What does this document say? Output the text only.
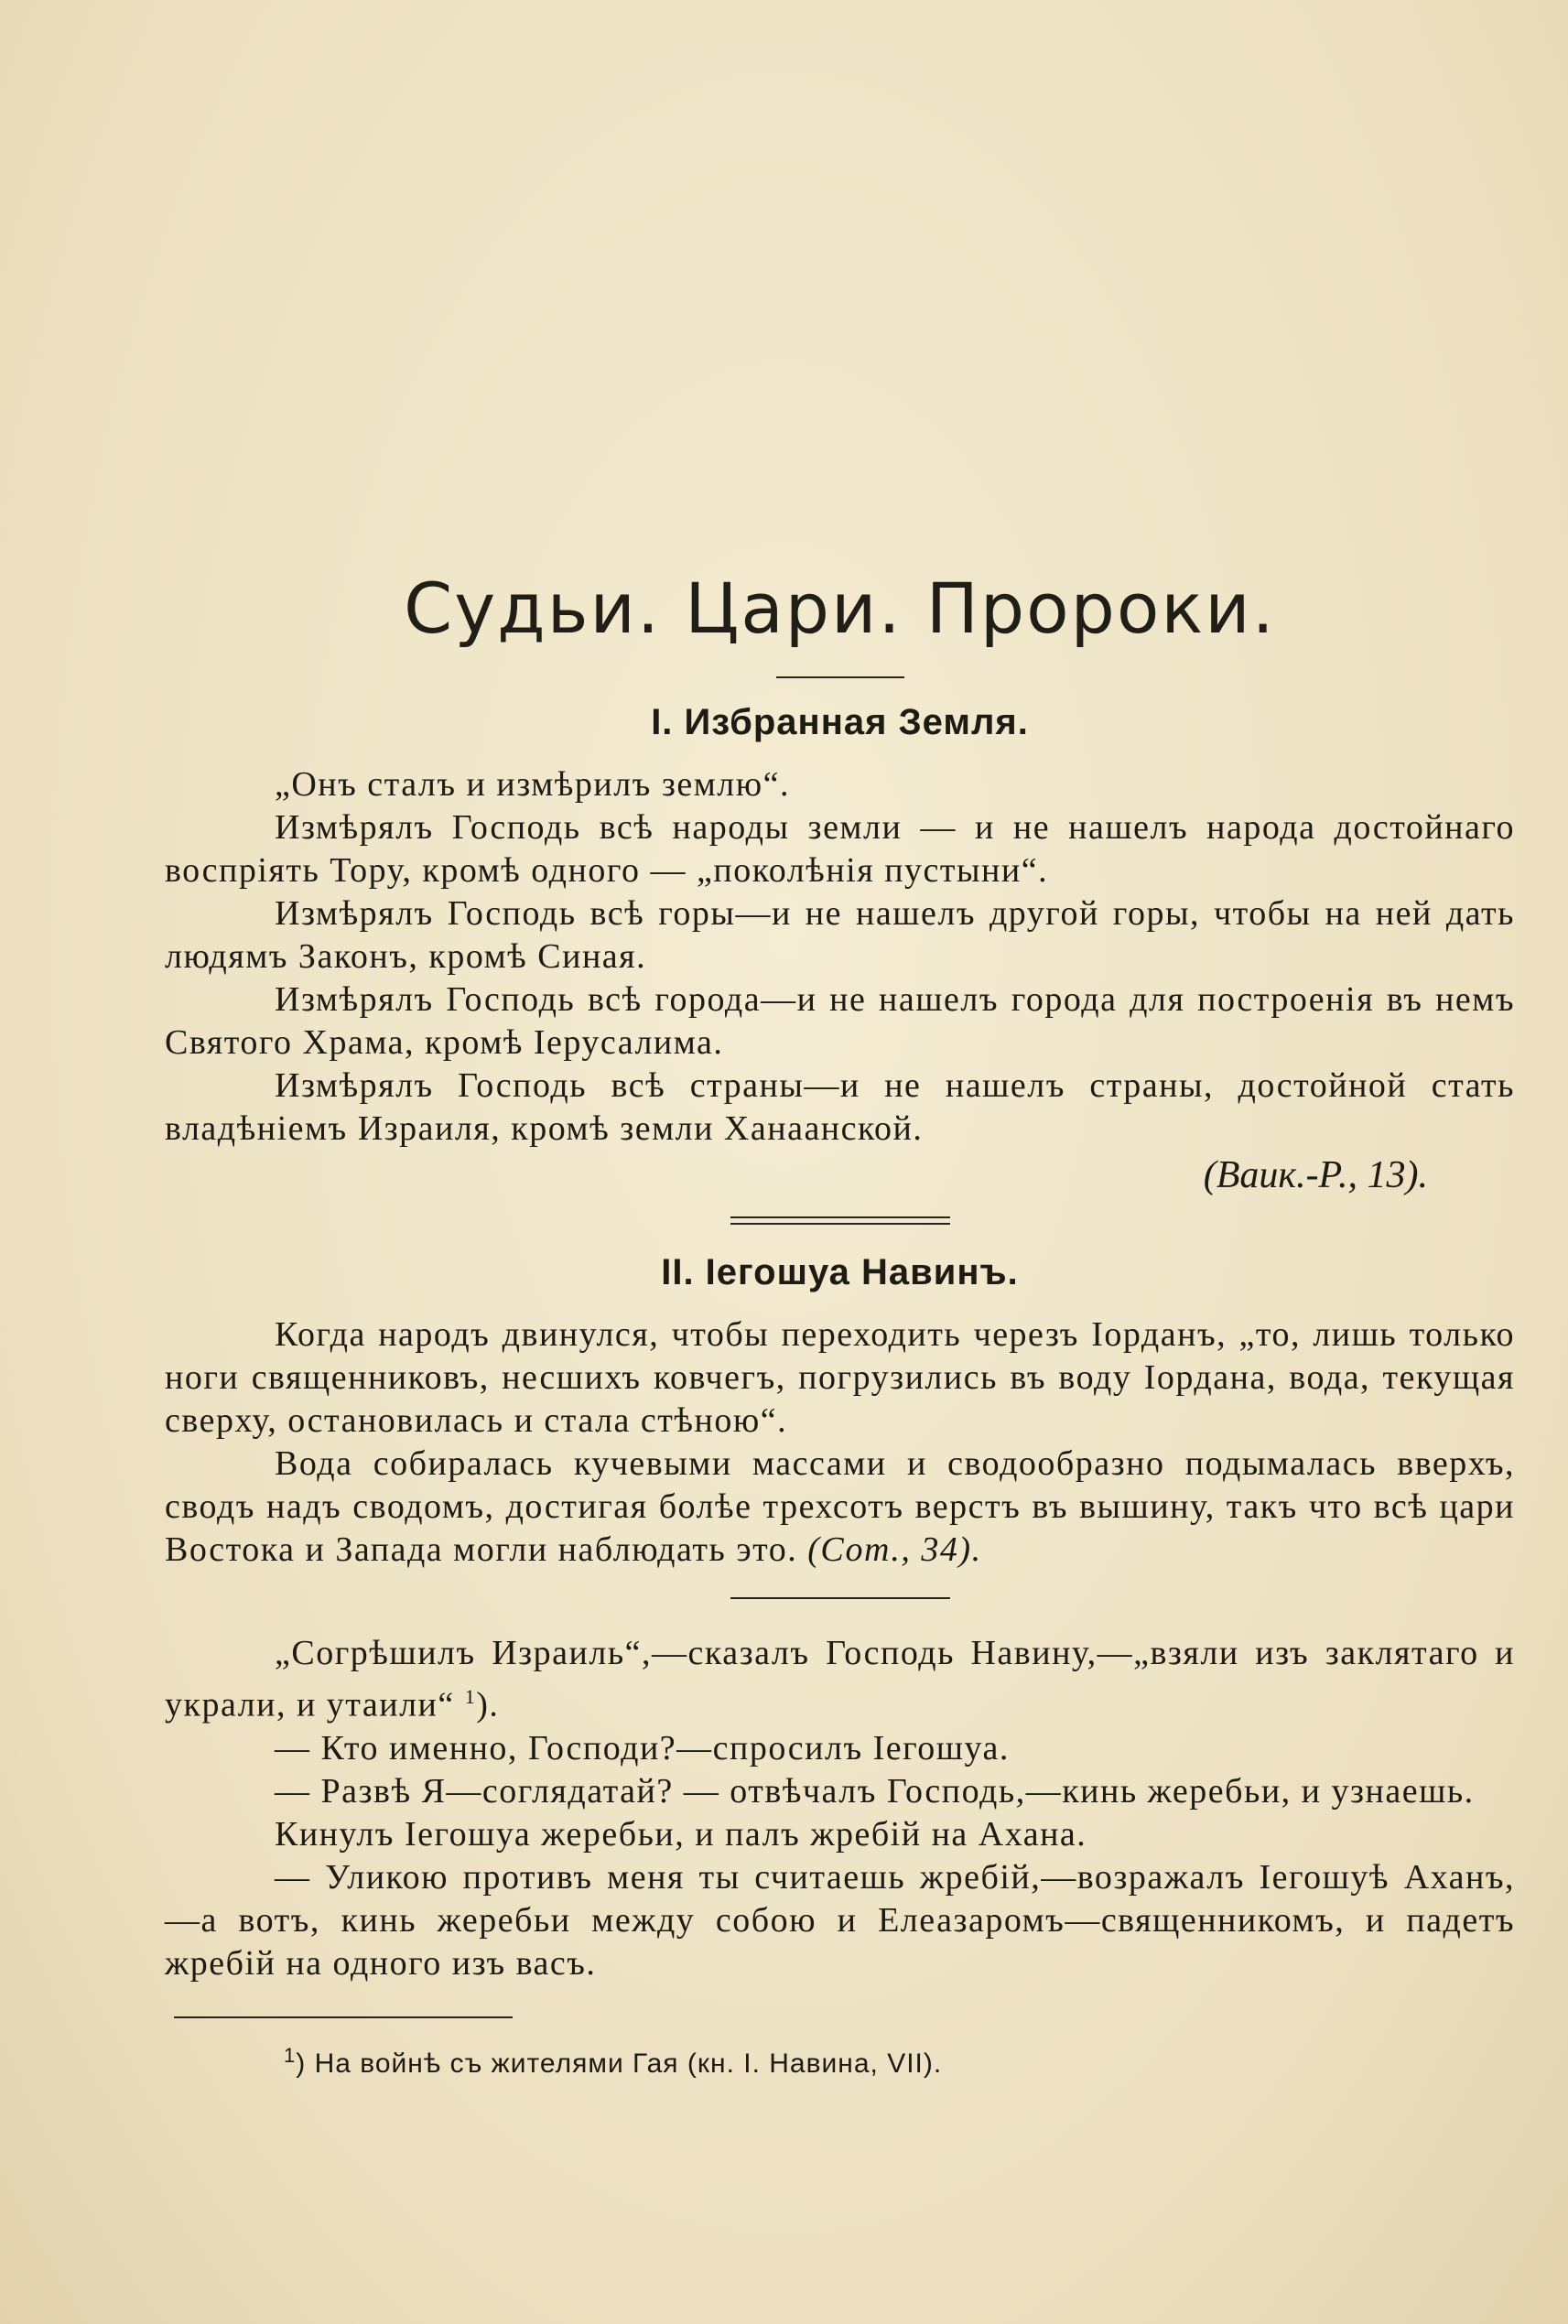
Судьи. Цари. Пророки.
I. Избранная Земля.

„Онъ сталъ и измѣрилъ землю“.

Измѣрялъ Господь всѣ народы земли — и не нашелъ народа достойнаго воспріять Тору, кромѣ одного — „поколѣнія пустыни“.

Измѣрялъ Господь всѣ горы—и не нашелъ другой горы, чтобы на ней дать людямъ Законъ, кромѣ Синая.

Измѣрялъ Господь всѣ города—и не нашелъ города для построенія въ немъ Святого Храма, кромѣ Іерусалима.

Измѣрялъ Господь всѣ страны—и не нашелъ страны, достойной стать владѣніемъ Израиля, кромѣ земли Ханаанской.

(Ваик.-Р., 13).

II. Іегошуа Навинъ.

Когда народъ двинулся, чтобы переходить черезъ Іорданъ, „то, лишь только ноги священниковъ, несшихъ ковчегъ, погрузились въ воду Іордана, вода, текущая сверху, остановилась и стала стѣною“.

Вода собиралась кучевыми массами и сводообразно подымалась вверхъ, сводъ надъ сводомъ, достигая болѣе трехсотъ верстъ въ вышину, такъ что всѣ цари Востока и Запада могли наблюдать это. (Сот., 34).

„Согрѣшилъ Израиль“,—сказалъ Господь Навину,—„взяли изъ заклятаго и украли, и утаили“ $^1$).

— Кто именно, Господи?—спросилъ Іегошуа.

— Развѣ Я—соглядатай? — отвѣчалъ Господь,—кинь жеребьи, и узнаешь.

Кинулъ Іегошуа жеребьи, и палъ жребій на Ахана.

— Уликою противъ меня ты считаешь жребій,—возражалъ Іегошуѣ Аханъ,—а вотъ, кинь жеребьи между собою и Елеазаромъ—священникомъ, и падетъ жребій на одного изъ васъ.

$^1$) На войнѣ съ жителями Гая (кн. I. Навина, VII).
